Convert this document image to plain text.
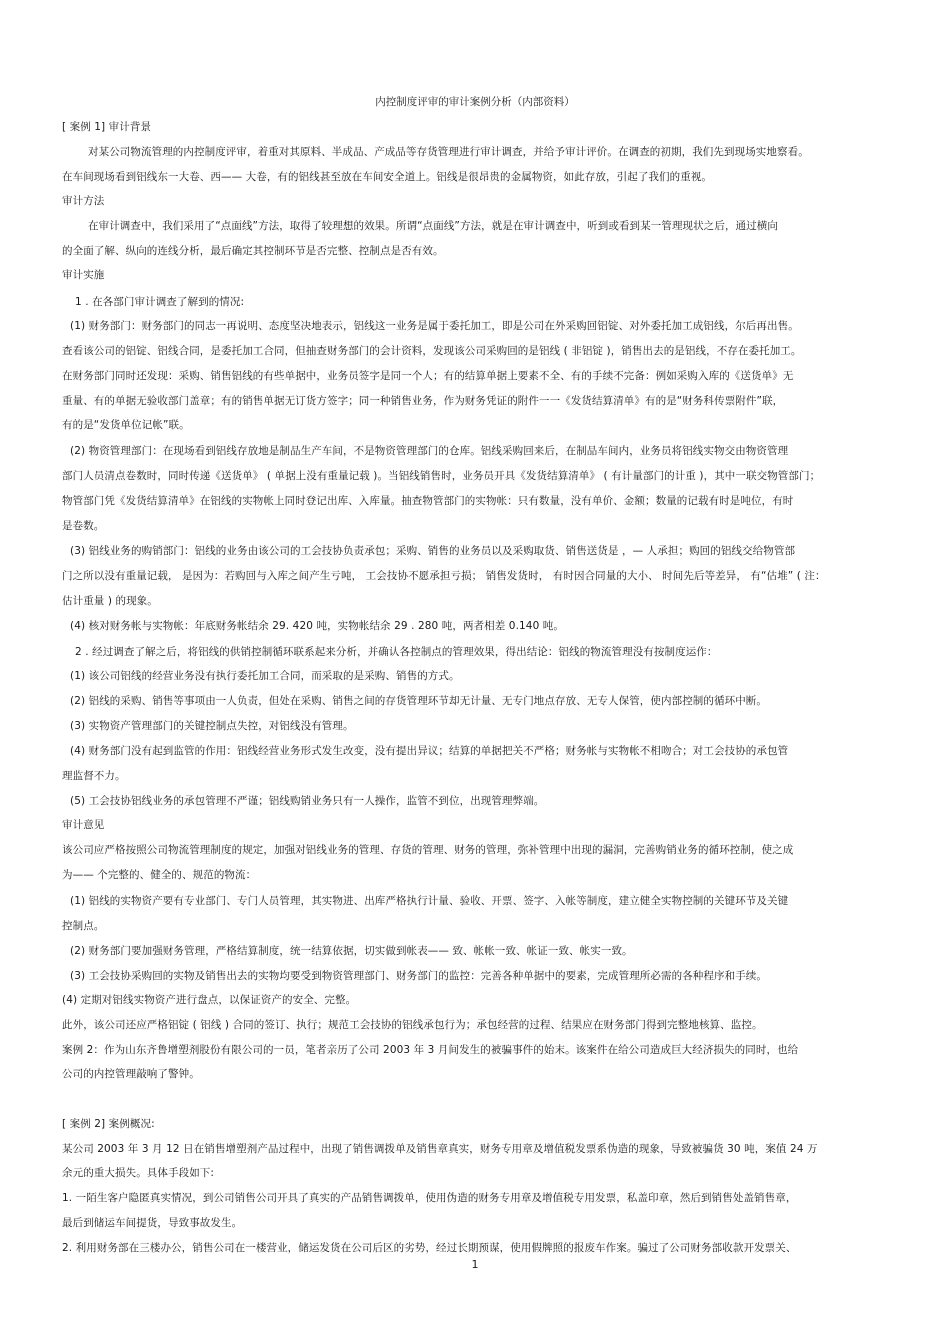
内控制度评审的审计案例分析（内部资料）
[ 案例 1] 审计背景
对某公司物流管理的内控制度评审，着重对其原料、半成品、产成品等存货管理进行审计调查，并给予审计评价。在调查的初期，我们先到现场实地察看。
在车间现场看到铝线东一大卷、西—— 大卷，有的铝线甚至放在车间安全道上。铝线是很昂贵的金属物资，如此存放，引起了我们的重视。
审计方法
在审计调查中，我们采用了“点面线”方法，取得了较理想的效果。所谓“点面线”方法，就是在审计调查中，听到或看到某一管理现状之后，通过横向
的全面了解、纵向的连线分析，最后确定其控制环节是否完整、控制点是否有效。
审计实施
1 . 在各部门审计调查了解到的情况:
(1) 财务部门：财务部门的同志一再说明、态度坚决地表示，铝线这一业务是属于委托加工，即是公司在外采购回铝锭、对外委托加工成铝线，尔后再出售。
查看该公司的铝锭、铝线合同，是委托加工合同，但抽查财务部门的会计资料，发现该公司采购回的是铝线 ( 非铝锭 )，销售出去的是铝线，不存在委托加工。
在财务部门同时还发现：采购、销售铝线的有些单据中，业务员签字是同一个人；有的结算单据上要素不全、有的手续不完备：例如采购入库的《送货单》无
重量、有的单据无验收部门盖章；有的销售单据无订货方签字；同一种销售业务，作为财务凭证的附件一一《发货结算清单》有的是“财务科传票附件”联，
有的是“发货单位记帐”联。
(2) 物资管理部门：在现场看到铝线存放地是制品生产车间，不是物资管理部门的仓库。铝线采购回来后，在制品车间内，业务员将铝线实物交由物资管理
部门人员清点卷数时，同时传递《送货单》 ( 单据上没有重量记载 )。当铝线销售时，业务员开具《发货结算清单》 ( 有计量部门的计重 )，其中一联交物管部门；
物管部门凭《发货结算清单》在铝线的实物帐上同时登记出库、入库量。抽查物管部门的实物帐：只有数量，没有单价、金额；数量的记载有时是吨位，有时
是卷数。
(3) 铝线业务的购销部门：铝线的业务由该公司的工会技协负责承包；采购、销售的业务员以及采购取货、销售送货是 ，— 人承担；购回的铝线交给物管部
门之所以没有重量记载， 是因为：若购回与入库之间产生亏吨， 工会技协不愿承担亏损； 销售发货时， 有时因合同量的大小、 时间先后等差异， 有“估堆” ( 注：
估计重量 ) 的现象。
(4) 核对财务帐与实物帐：年底财务帐结余 29. 420 吨，实物帐结余 29 . 280 吨，两者相差 0.140 吨。
2 . 经过调查了解之后，将铝线的供销控制循环联系起来分析，并确认各控制点的管理效果，得出结论：铝线的物流管理没有按制度运作：
(1) 该公司铝线的经营业务没有执行委托加工合同，而采取的是采购、销售的方式。
(2) 铝线的采购、销售等事项由一人负责，但处在采购、销售之间的存货管理环节却无计量、无专门地点存放、无专人保管，使内部控制的循环中断。
(3) 实物资产管理部门的关键控制点失控，对铝线没有管理。
(4) 财务部门没有起到监管的作用：铝线经营业务形式发生改变，没有提出异议；结算的单据把关不严格；财务帐与实物帐不相吻合；对工会技协的承包管
理监督不力。
(5) 工会技协铝线业务的承包管理不严谨；铝线购销业务只有一人操作，监管不到位，出现管理弊端。
审计意见
该公司应严格按照公司物流管理制度的规定，加强对铝线业务的管理、存货的管理、财务的管理，弥补管理中出现的漏洞，完善购销业务的循环控制，使之成
为—— 个完整的、健全的、规范的物流：
(1) 铝线的实物资产要有专业部门、专门人员管理，其实物进、出库严格执行计量、验收、开票、签字、入帐等制度，建立健全实物控制的关键环节及关键
控制点。
(2) 财务部门要加强财务管理，严格结算制度，统一结算依据，切实做到帐表—— 致、帐帐一致、帐证一致、帐实一致。
(3) 工会技协采购回的实物及销售出去的实物均要受到物资管理部门、财务部门的监控：完善各种单据中的要素，完成管理所必需的各种程序和手续。
(4) 定期对铝线实物资产进行盘点，以保证资产的安全、完整。
此外，该公司还应严格铝锭 ( 铝线 ) 合同的签订、执行；规范工会技协的铝线承包行为；承包经营的过程、结果应在财务部门得到完整地核算、监控。
案例 2：作为山东齐鲁增塑剂股份有限公司的一员，笔者亲历了公司 2003 年 3 月间发生的被骗事件的始末。该案件在给公司造成巨大经济损失的同时，也给
公司的内控管理敲响了警钟。
[ 案例 2] 案例概况:
某公司 2003 年 3 月 12 日在销售增塑剂产品过程中，出现了销售调拨单及销售章真实，财务专用章及增值税发票系伪造的现象，导致被骗货 30 吨，案值 24 万
余元的重大损失。具体手段如下:
1. 一陌生客户隐匿真实情况，到公司销售公司开具了真实的产品销售调拨单，使用伪造的财务专用章及增值税专用发票，私盖印章，然后到销售处盖销售章，
最后到储运车间提货，导致事故发生。
2. 利用财务部在三楼办公，销售公司在一楼营业，储运发货在公司后区的劣势，经过长期预谋，使用假牌照的报废车作案。骗过了公司财务部收款开发票关、
1
